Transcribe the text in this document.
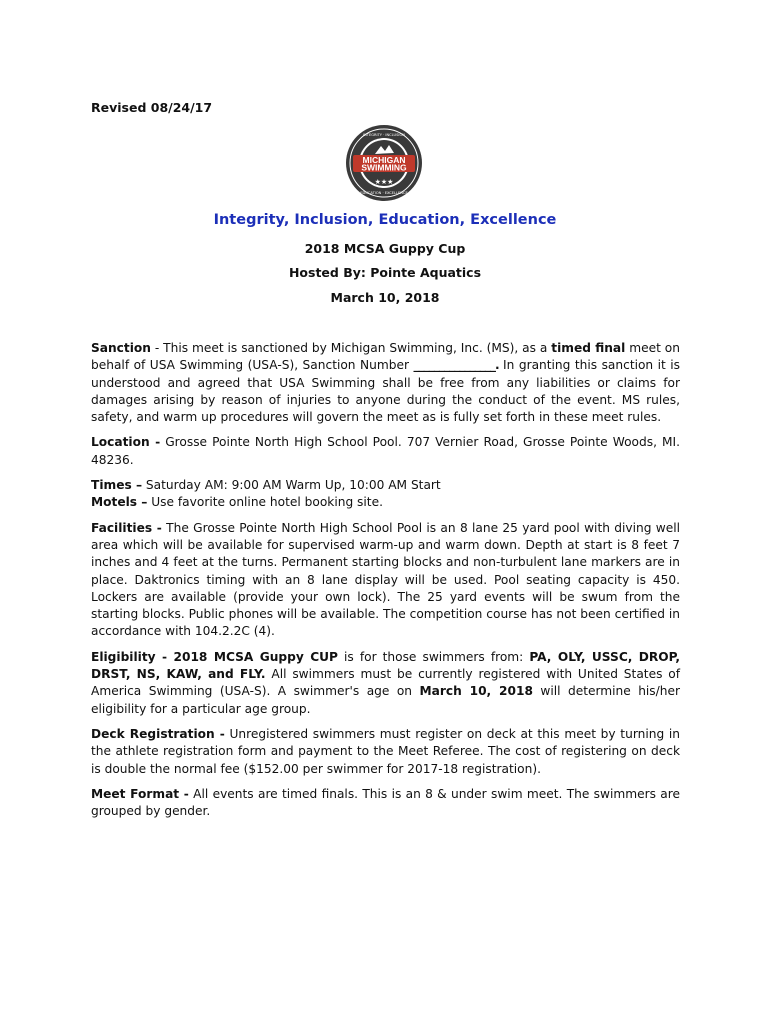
Revised 08/24/17
MICHIGAN
SWIMMING
★★★
INTEGRITY · INCLUSION
EDUCATION · EXCELLENCE
Integrity, Inclusion, Education, Excellence
2018 MCSA Guppy Cup
Hosted By: Pointe Aquatics
March 10, 2018

Sanction - This meet is sanctioned by Michigan Swimming, Inc. (MS), as a timed final meet on behalf of USA Swimming (USA-S), Sanction Number ________________. In granting this sanction it is understood and agreed that USA Swimming shall be free from any liabilities or claims for damages arising by reason of injuries to anyone during the conduct of the event. MS rules, safety, and warm up procedures will govern the meet as is fully set forth in these meet rules.

Location - Grosse Pointe North High School Pool. 707 Vernier Road, Grosse Pointe Woods, MI. 48236.

Times – Saturday AM: 9:00 AM Warm Up, 10:00 AM Start

Motels – Use favorite online hotel booking site.

Facilities - The Grosse Pointe North High School Pool is an 8 lane 25 yard pool with diving well area which will be available for supervised warm-up and warm down. Depth at start is 8 feet 7 inches and 4 feet at the turns. Permanent starting blocks and non-turbulent lane markers are in place. Daktronics timing with an 8 lane display will be used. Pool seating capacity is 450. Lockers are available (provide your own lock). The 25 yard events will be swum from the starting blocks. Public phones will be available. The competition course has not been certified in accordance with 104.2.2C (4).

Eligibility - 2018 MCSA Guppy CUP is for those swimmers from: PA, OLY, USSC, DROP, DRST, NS, KAW, and FLY. All swimmers must be currently registered with United States of America Swimming (USA-S). A swimmer's age on March 10, 2018 will determine his/her eligibility for a particular age group.

Deck Registration - Unregistered swimmers must register on deck at this meet by turning in the athlete registration form and payment to the Meet Referee. The cost of registering on deck is double the normal fee ($152.00 per swimmer for 2017-18 registration).

Meet Format - All events are timed finals. This is an 8 & under swim meet. The swimmers are grouped by gender.
